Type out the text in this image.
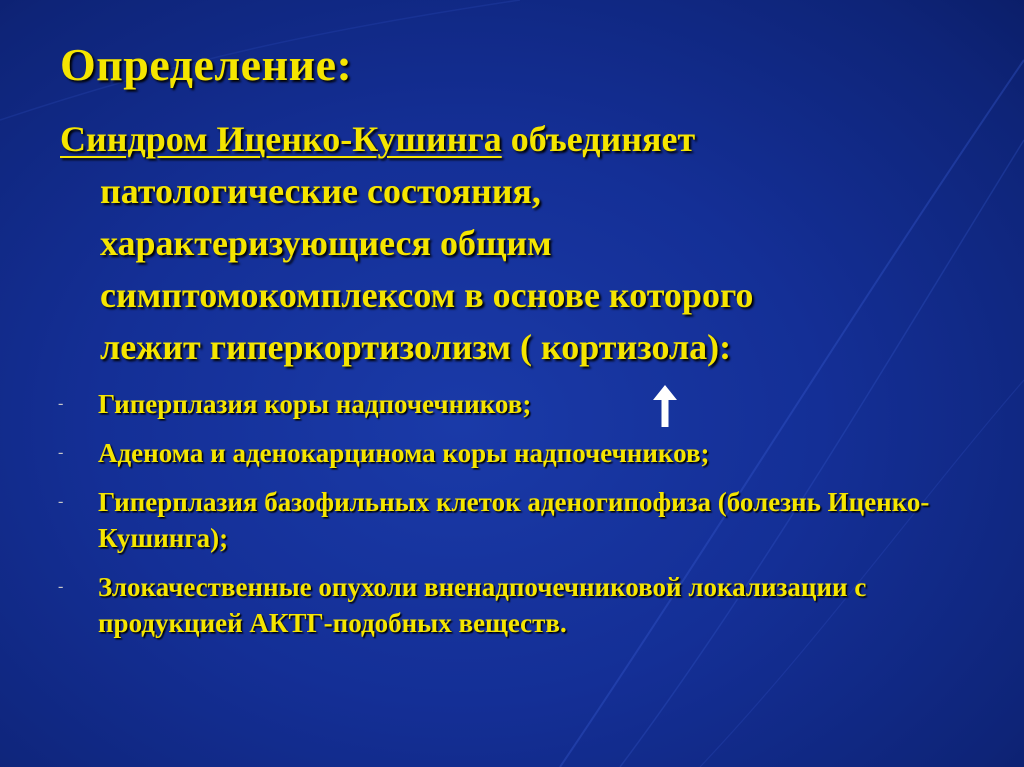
Определение:

Синдром Иценко-Кушинга объединяет
патологические состояния,
характеризующиеся общим
симптомокомплексом в основе которого
лежит гиперкортизолизм ( кортизола):

- Гиперплазия коры надпочечников;
- Аденома и аденокарцинома коры надпочечников;
- Гиперплазия базофильных клеток аденогипофиза (болезнь Иценко-Кушинга);
- Злокачественные опухоли вненадпочечниковой локализации с продукцией АКТГ-подобных веществ.
